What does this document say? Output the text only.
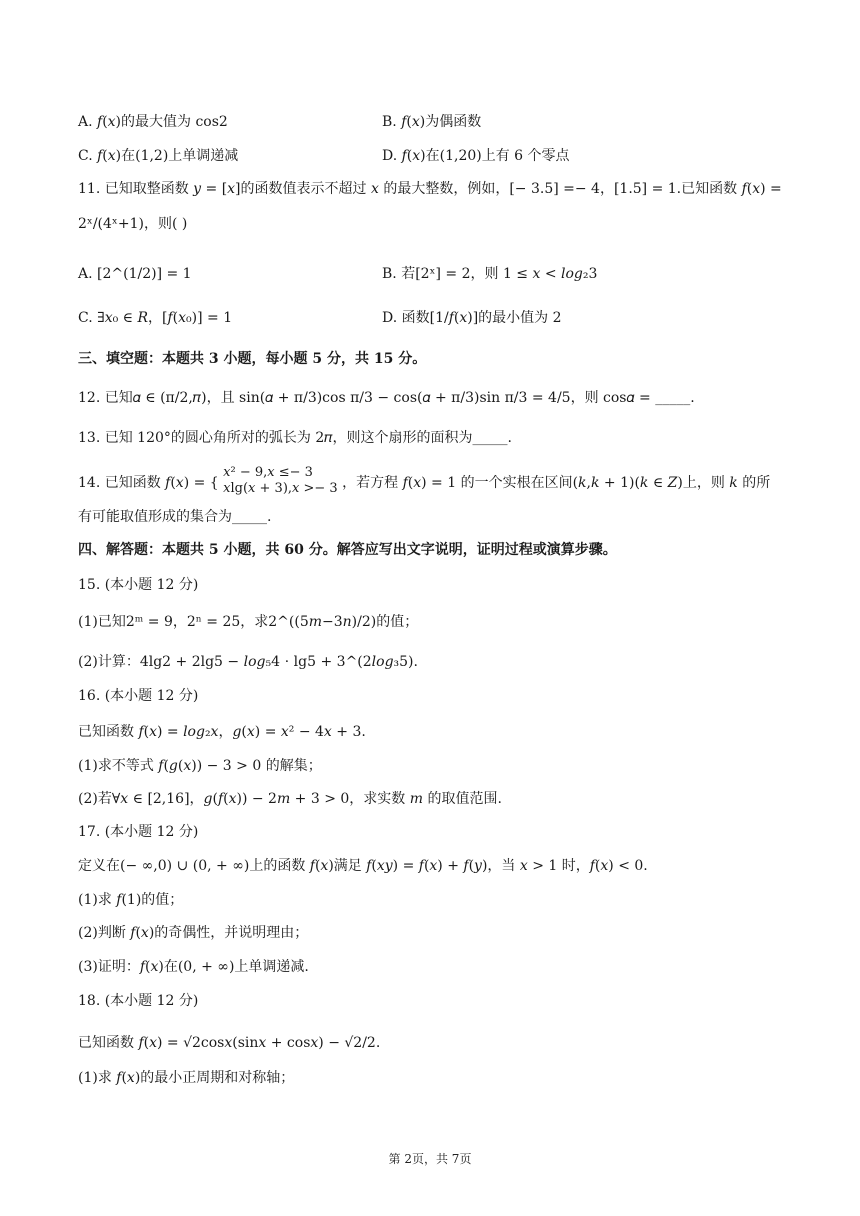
A. 𝑓(𝑥)的最大值为 cos2	B. 𝑓(𝑥)为偶函数
C. 𝑓(𝑥)在(1,2)上单调递减	D. 𝑓(𝑥)在(1,20)上有 6 个零点
11. 已知取整函数 𝑦 = [𝑥]的函数值表示不超过 𝑥 的最大整数，例如，[− 3.5] =− 4，[1.5] = 1.已知函数 𝑓(𝑥) =
2ˣ/(4ˣ+1)，则( )
A. [2^(1/2)] = 1	B. 若[2ˣ] = 2，则 1 ≤ 𝑥 < 𝑙𝑜𝑔₂3
C. ∃𝑥₀ ∈ 𝑅，[𝑓(𝑥₀)] = 1	D. 函数[1/𝑓(𝑥)]的最小值为 2
三、填空题：本题共 3 小题，每小题 5 分，共 15 分。
12. 已知𝛼 ∈ (π/2,𝜋)，且 sin(𝛼 + π/3)cos π/3 − cos(𝛼 + π/3)sin π/3 = 4/5，则 cos𝛼 = _____.
13. 已知 120°的圆心角所对的弧长为 2𝜋，则这个扇形的面积为_____.
14. 已知函数 𝑓(𝑥) = {
𝑥² − 9,𝑥 ≤− 3
𝑥lg(𝑥 + 3),𝑥 >− 3 ，若方程 𝑓(𝑥) = 1 的一个实根在区间(𝑘,𝑘 + 1)(𝑘 ∈ 𝑍)上，则 𝑘 的所
有可能取值形成的集合为_____.
四、解答题：本题共 5 小题，共 60 分。解答应写出文字说明，证明过程或演算步骤。
15. (本小题 12 分)
(1)已知2ᵐ = 9，2ⁿ = 25，求2^((5𝑚−3𝑛)/2)的值；
(2)计算：4lg2 + 2lg5 − 𝑙𝑜𝑔₅4 ⋅ lg5 + 3^(2𝑙𝑜𝑔₃5).
16. (本小题 12 分)
已知函数 𝑓(𝑥) = 𝑙𝑜𝑔₂𝑥，𝑔(𝑥) = 𝑥² − 4𝑥 + 3.
(1)求不等式 𝑓(𝑔(𝑥)) − 3 > 0 的解集；
(2)若∀𝑥 ∈ [2,16]，𝑔(𝑓(𝑥)) − 2𝑚 + 3 > 0，求实数 𝑚 的取值范围.
17. (本小题 12 分)
定义在(− ∞,0) ∪ (0, + ∞)上的函数 𝑓(𝑥)满足 𝑓(𝑥𝑦) = 𝑓(𝑥) + 𝑓(𝑦)，当 𝑥 > 1 时，𝑓(𝑥) < 0.
(1)求 𝑓(1)的值；
(2)判断 𝑓(𝑥)的奇偶性，并说明理由；
(3)证明：𝑓(𝑥)在(0, + ∞)上单调递减.
18. (本小题 12 分)
已知函数 𝑓(𝑥) = √2cos𝑥(sin𝑥 + cos𝑥) − √2/2.
(1)求 𝑓(𝑥)的最小正周期和对称轴；
第 2页，共 7页
